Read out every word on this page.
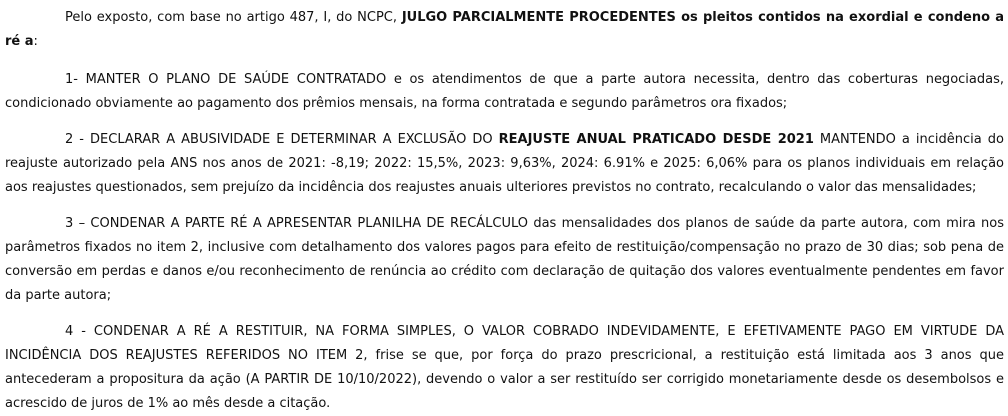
Pelo exposto, com base no artigo 487, I, do NCPC, JULGO PARCIALMENTE PROCEDENTES os pleitos contidos na exordial e condeno a ré a:

1- MANTER O PLANO DE SAÚDE CONTRATADO e os atendimentos de que a parte autora necessita, dentro das coberturas negociadas, condicionado obviamente ao pagamento dos prêmios mensais, na forma contratada e segundo parâmetros ora fixados;

2 - DECLARAR A ABUSIVIDADE E DETERMINAR A EXCLUSÃO DO REAJUSTE ANUAL PRATICADO DESDE 2021 MANTENDO a incidência do reajuste autorizado pela ANS nos anos de 2021: -8,19; 2022: 15,5%, 2023: 9,63%, 2024: 6.91% e 2025: 6,06% para os planos individuais em relação aos reajustes questionados, sem prejuízo da incidência dos reajustes anuais ulteriores previstos no contrato, recalculando o valor das mensalidades;

3 – CONDENAR A PARTE RÉ A APRESENTAR PLANILHA DE RECÁLCULO das mensalidades dos planos de saúde da parte autora, com mira nos parâmetros fixados no item 2, inclusive com detalhamento dos valores pagos para efeito de restituição/compensação no prazo de 30 dias; sob pena de conversão em perdas e danos e/ou reconhecimento de renúncia ao crédito com declaração de quitação dos valores eventualmente pendentes em favor da parte autora;

4 - CONDENAR A RÉ A RESTITUIR, NA FORMA SIMPLES, O VALOR COBRADO INDEVIDAMENTE, E EFETIVAMENTE PAGO EM VIRTUDE DA INCIDÊNCIA DOS REAJUSTES REFERIDOS NO ITEM 2, frise se que, por força do prazo prescricional, a restituição está limitada aos 3 anos que antecederam a propositura da ação (A PARTIR DE 10/10/2022), devendo o valor a ser restituído ser corrigido monetariamente desde os desembolsos e acrescido de juros de 1% ao mês desde a citação.
